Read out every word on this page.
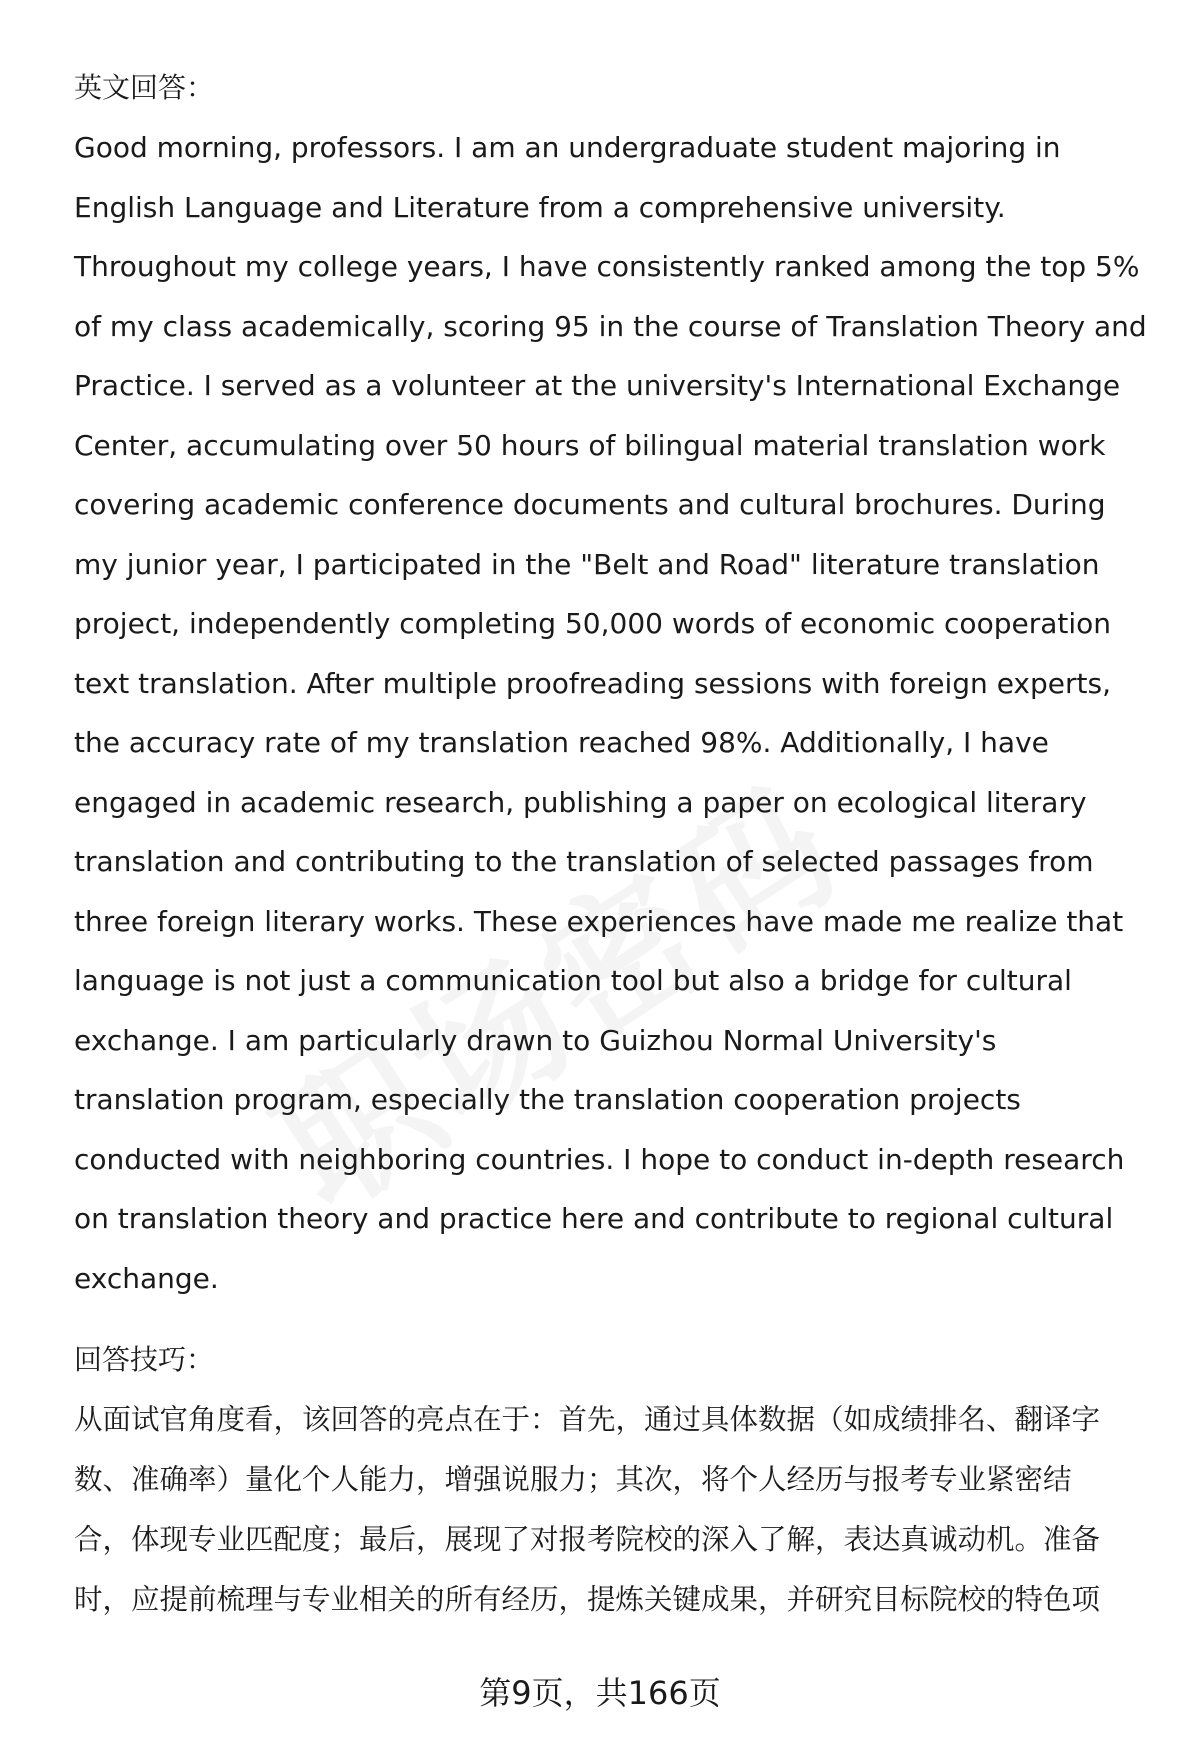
英文回答：

Good morning, professors. I am an undergraduate student majoring in
English Language and Literature from a comprehensive university.
Throughout my college years, I have consistently ranked among the top 5%
of my class academically, scoring 95 in the course of Translation Theory and
Practice. I served as a volunteer at the university's International Exchange
Center, accumulating over 50 hours of bilingual material translation work
covering academic conference documents and cultural brochures. During
my junior year, I participated in the "Belt and Road" literature translation
project, independently completing 50,000 words of economic cooperation
text translation. After multiple proofreading sessions with foreign experts,
the accuracy rate of my translation reached 98%. Additionally, I have
engaged in academic research, publishing a paper on ecological literary
translation and contributing to the translation of selected passages from
three foreign literary works. These experiences have made me realize that
language is not just a communication tool but also a bridge for cultural
exchange. I am particularly drawn to Guizhou Normal University's
translation program, especially the translation cooperation projects
conducted with neighboring countries. I hope to conduct in-depth research
on translation theory and practice here and contribute to regional cultural
exchange.

回答技巧：

从面试官角度看，该回答的亮点在于：首先，通过具体数据（如成绩排名、翻译字
数、准确率）量化个人能力，增强说服力；其次，将个人经历与报考专业紧密结
合，体现专业匹配度；最后，展现了对报考院校的深入了解，表达真诚动机。准备
时，应提前梳理与专业相关的所有经历，提炼关键成果，并研究目标院校的特色项
第9页，共166页
